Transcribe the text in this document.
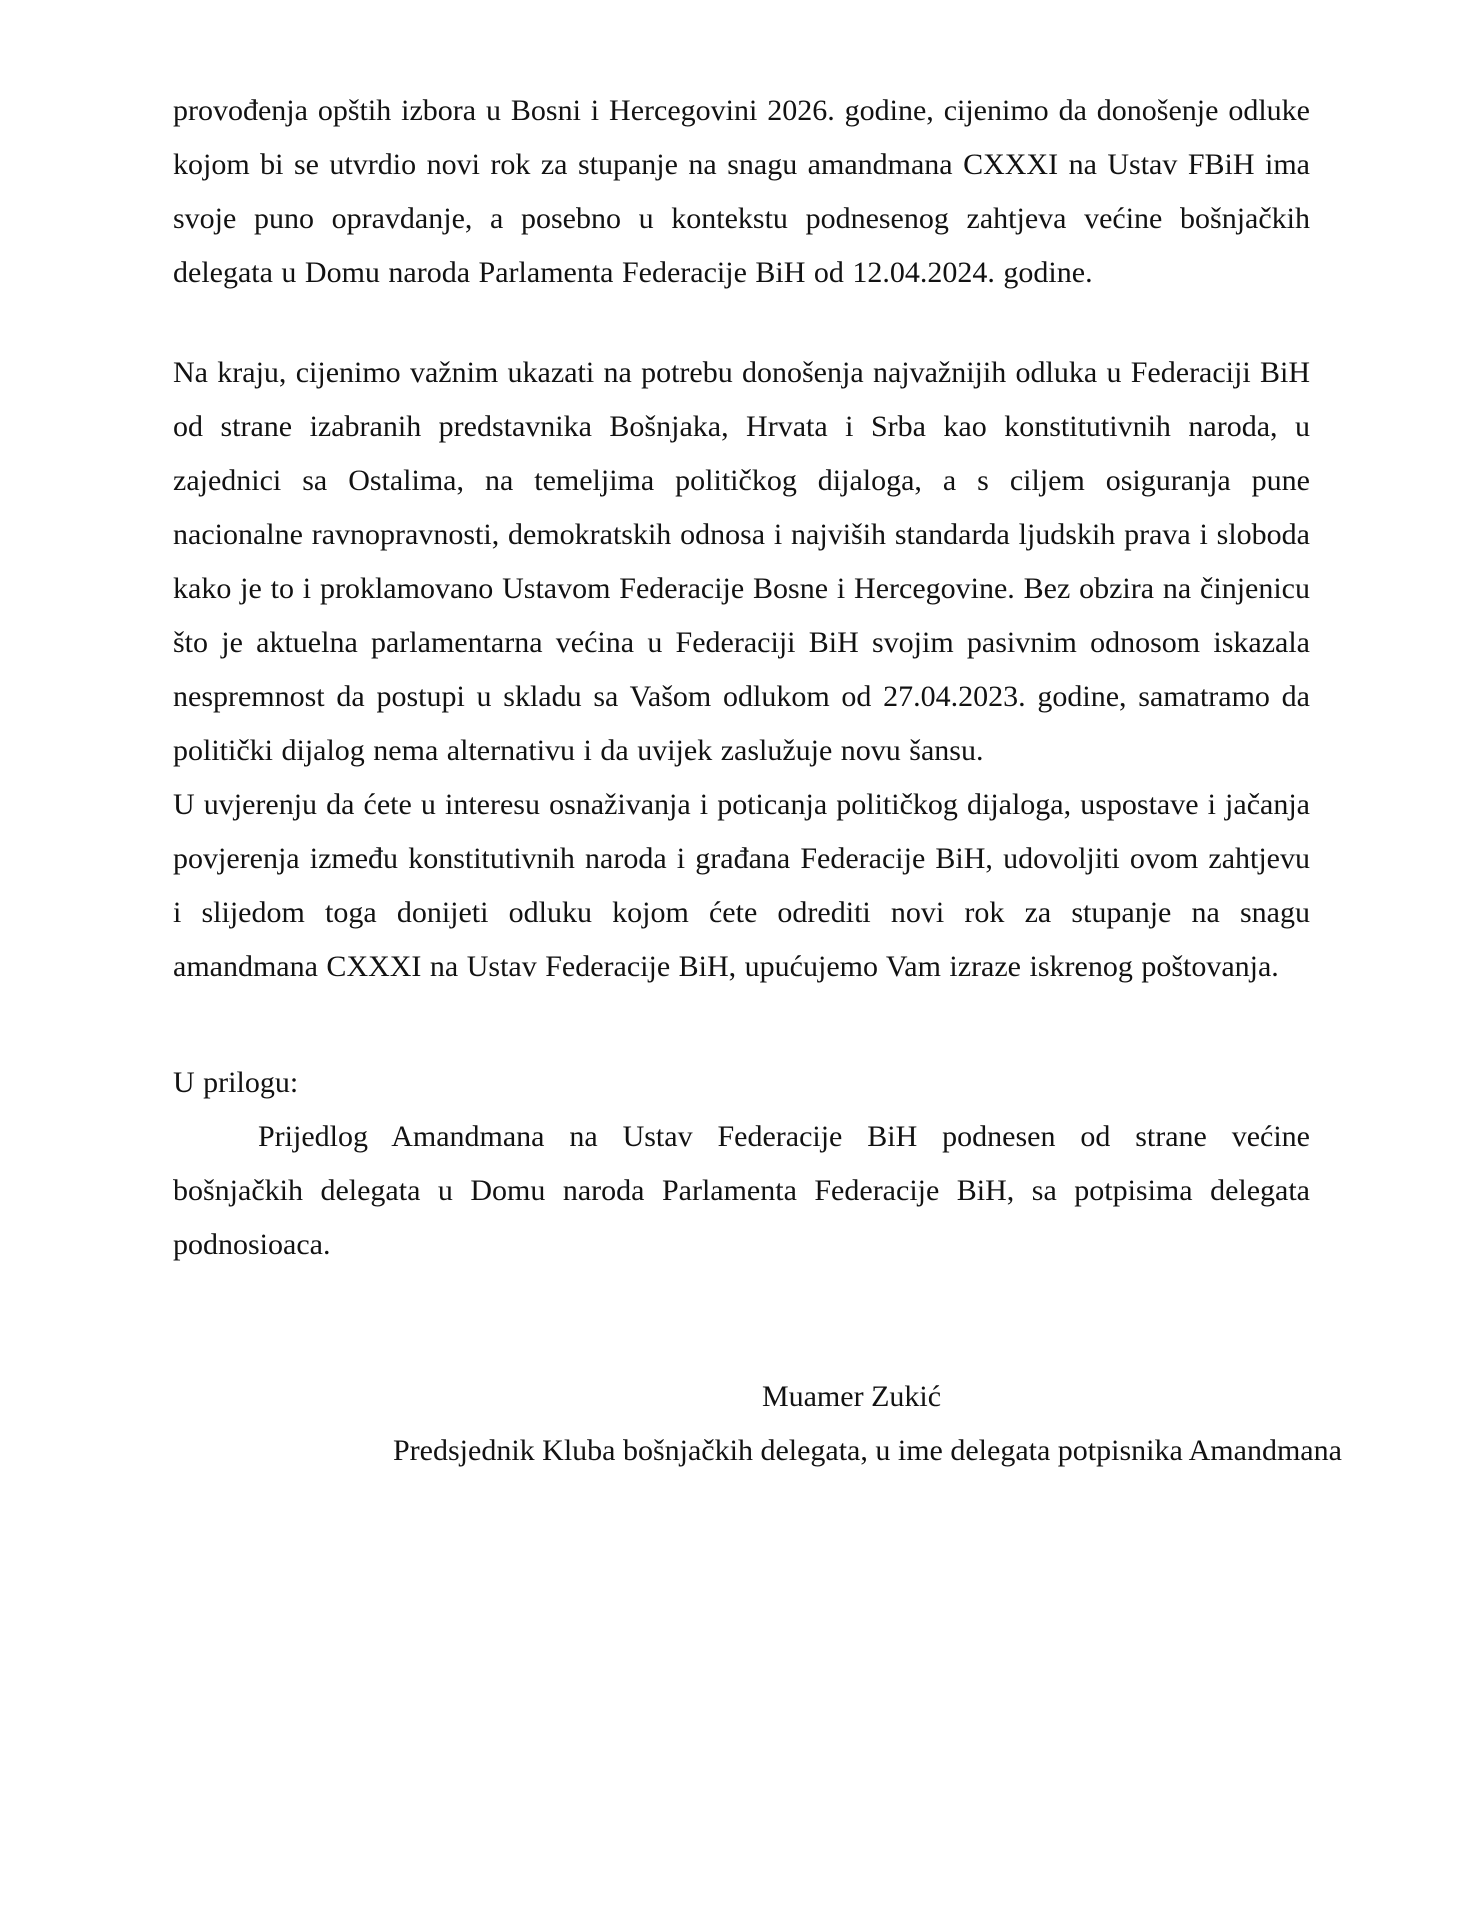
provođenja opštih izbora u Bosni i Hercegovini 2026. godine, cijenimo da donošenje odluke kojom bi se utvrdio novi rok za stupanje na snagu amandmana CXXXI na Ustav FBiH ima svoje puno opravdanje, a posebno u kontekstu podnesenog zahtjeva većine bošnjačkih delegata u Domu naroda Parlamenta Federacije BiH od 12.04.2024. godine.

Na kraju, cijenimo važnim ukazati na potrebu donošenja najvažnijih odluka u Federaciji BiH od strane izabranih predstavnika Bošnjaka, Hrvata i Srba kao konstitutivnih naroda, u zajednici sa Ostalima, na temeljima političkog dijaloga, a s ciljem osiguranja pune nacionalne ravnopravnosti, demokratskih odnosa i najviših standarda ljudskih prava i sloboda kako je to i proklamovano Ustavom Federacije Bosne i Hercegovine. Bez obzira na činjenicu što je aktuelna parlamentarna većina u Federaciji BiH svojim pasivnim odnosom iskazala nespremnost da postupi u skladu sa Vašom odlukom od 27.04.2023. godine, samatramo da politički dijalog nema alternativu i da uvijek zaslužuje novu šansu.

U uvjerenju da ćete u interesu osnaživanja i poticanja političkog dijaloga, uspostave i jačanja povjerenja između konstitutivnih naroda i građana Federacije BiH, udovoljiti ovom zahtjevu i slijedom toga donijeti odluku kojom ćete odrediti novi rok za stupanje na snagu amandmana CXXXI na Ustav Federacije BiH, upućujemo Vam izraze iskrenog poštovanja.

U prilogu:

Prijedlog Amandmana na Ustav Federacije BiH podnesen od strane većine bošnjačkih delegata u Domu naroda Parlamenta Federacije BiH, sa potpisima delegata podnosioaca.

Muamer Zukić

Predsjednik Kluba bošnjačkih delegata, u ime delegata potpisnika Amandmana
